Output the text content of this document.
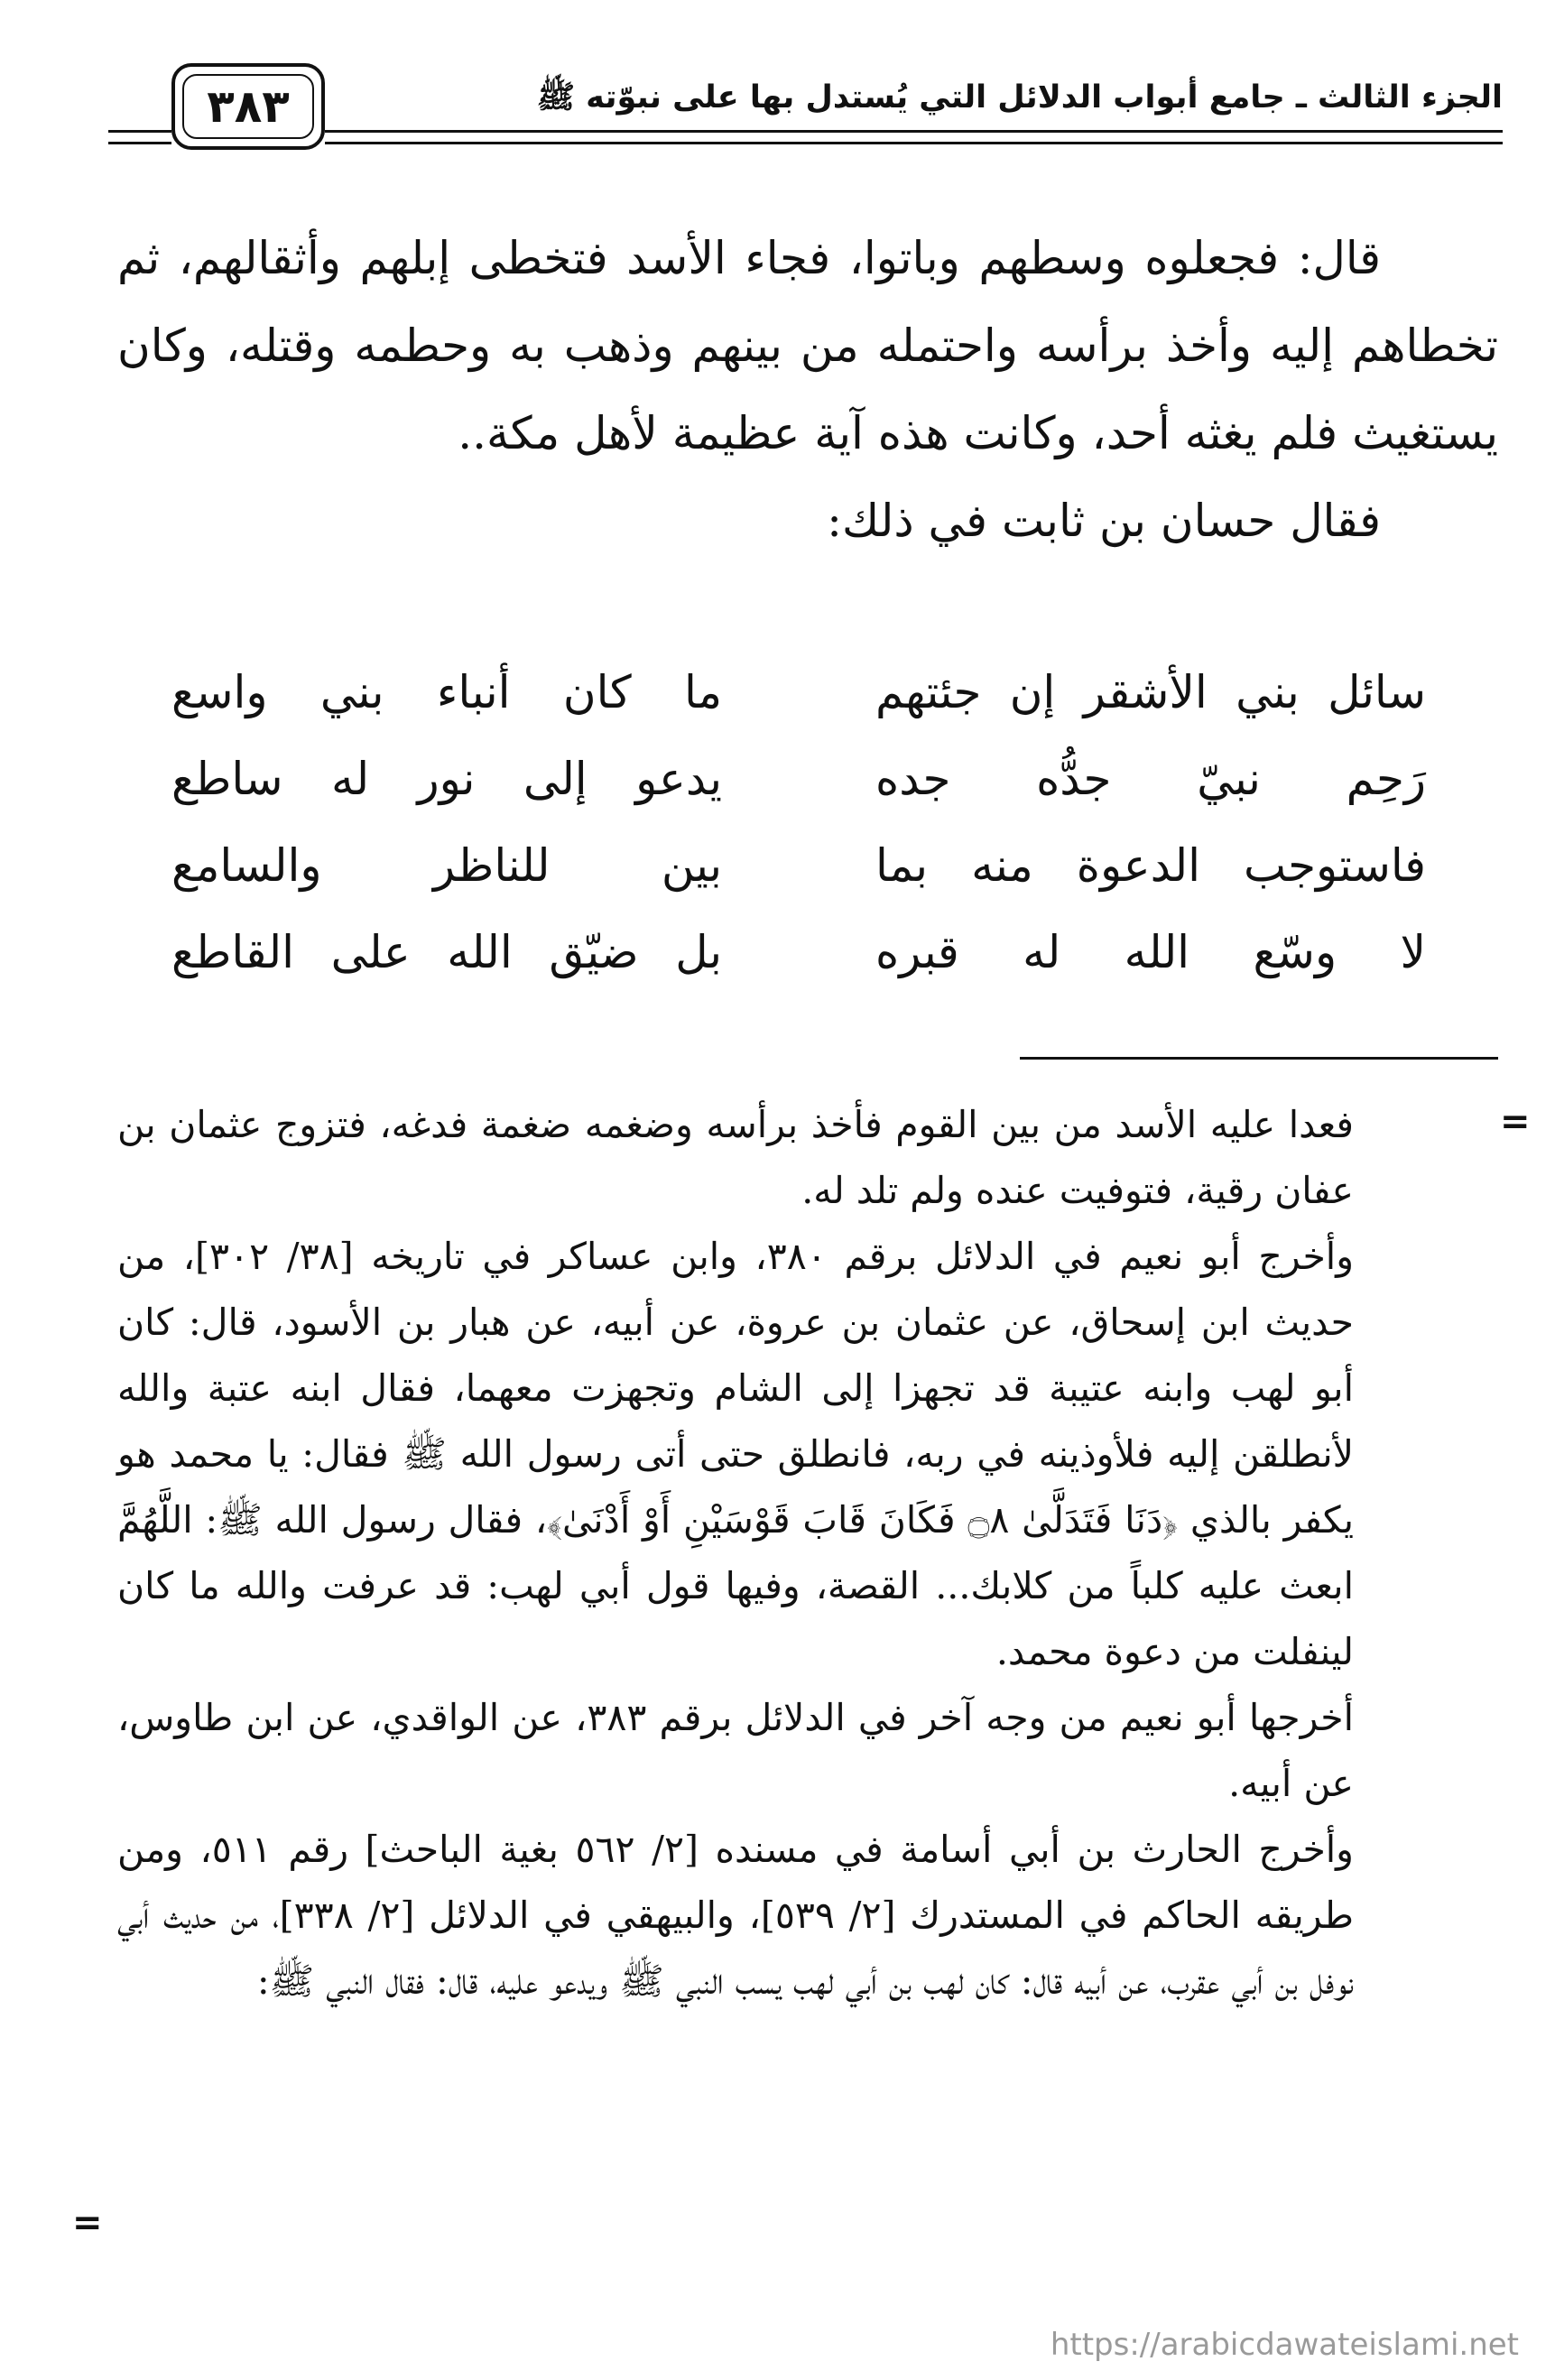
الجزء الثالث ـ جامع أبواب الدلائل التي يُستدل بها على نبوّته ﷺ
٣٨٣

قال: فجعلوه وسطهم وباتوا، فجاء الأسد فتخطى إبلهم وأثقالهم، ثم تخطاهم إليه وأخذ برأسه واحتمله من بينهم وذهب به وحطمه وقتله، وكان يستغيث فلم يغثه أحد، وكانت هذه آية عظيمة لأهل مكة..

فقال حسان بن ثابت في ذلك:

سائل بني الأشقر إن جئتهم
ما كان أنباء بني واسع
رَحِم نبيّ جدُّه جده
يدعو إلى نور له ساطع
فاستوجب الدعوة منه بما
بين للناظر والسامع
لا وسّع الله له قبره
بل ضيّق الله على القاطع
=

فعدا عليه الأسد من بين القوم فأخذ برأسه وضغمه ضغمة فدغه، فتزوج عثمان بن عفان رقية، فتوفيت عنده ولم تلد له.

وأخرج أبو نعيم في الدلائل برقم ٣٨٠، وابن عساكر في تاريخه [٣٨/ ٣٠٢]، من حديث ابن إسحاق، عن عثمان بن عروة، عن أبيه، عن هبار بن الأسود، قال: كان أبو لهب وابنه عتيبة قد تجهزا إلى الشام وتجهزت معهما، فقال ابنه عتبة والله لأنطلقن إليه فلأوذينه في ربه، فانطلق حتى أتى رسول الله ﷺ فقال: يا محمد هو يكفر بالذي ﴿دَنَا فَتَدَلَّىٰ ۝٨ فَكَانَ قَابَ قَوْسَيْنِ أَوْ أَدْنَىٰ﴾، فقال رسول الله ﷺ: اللَّهُمَّ ابعث عليه كلباً من كلابك... القصة، وفيها قول أبي لهب: قد عرفت والله ما كان لينفلت من دعوة محمد.

أخرجها أبو نعيم من وجه آخر في الدلائل برقم ٣٨٣، عن الواقدي، عن ابن طاوس، عن أبيه.

وأخرج الحارث بن أبي أسامة في مسنده [٢/ ٥٦٢ بغية الباحث] رقم ٥١١، ومن طريقه الحاكم في المستدرك [٢/ ٥٣٩]، والبيهقي في الدلائل [٢/ ٣٣٨]، من حديث أبي نوفل بن أبي عقرب، عن أبيه قال: كان لهب بن أبي لهب يسب النبي ﷺ ويدعو عليه، قال: فقال النبي ﷺ:

=
https://arabicdawateislami.net
